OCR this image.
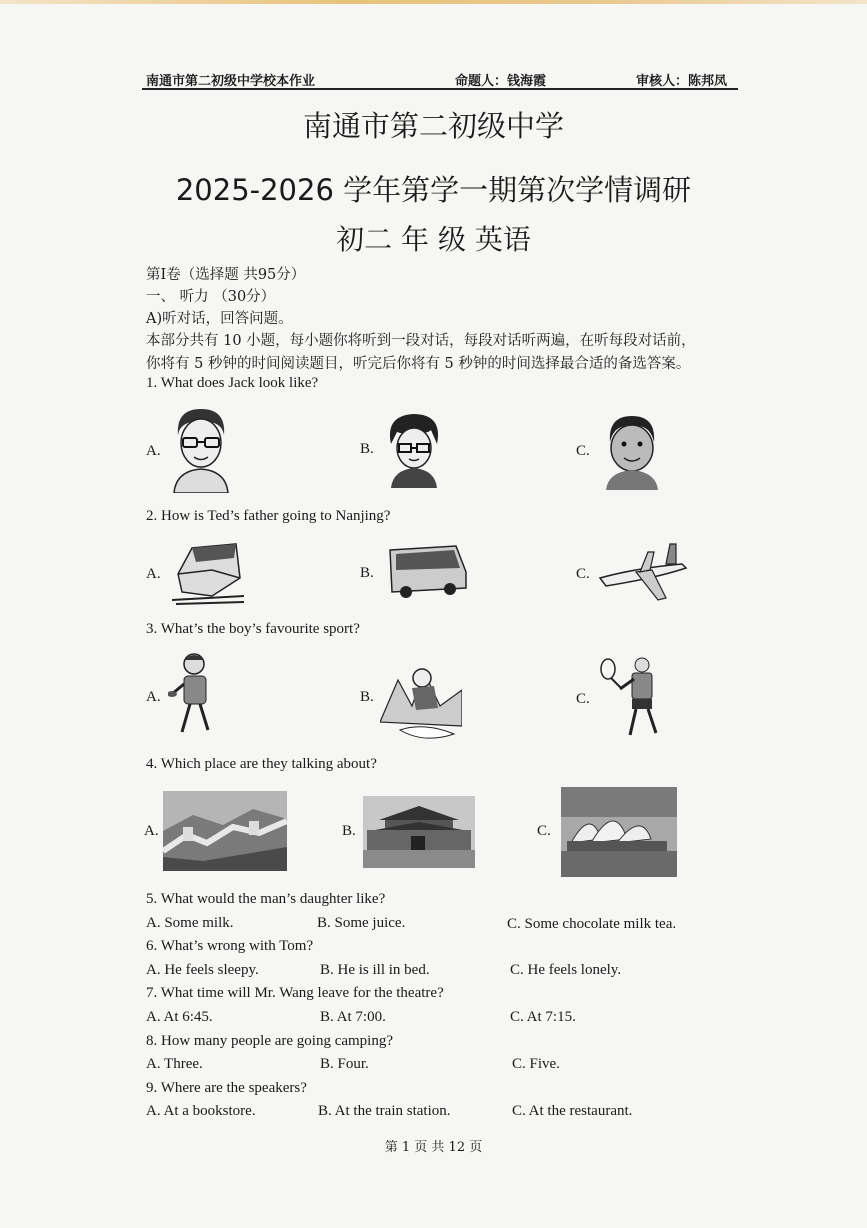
南通市第二初级中学校本作业	命题人：钱海霞	审核人：陈邦凤
南通市第二初级中学
2025-2026 学年第学一期第次学情调研
初二 年 级 英语
第Ⅰ卷（选择题 共95分）
一、 听力 （30分）
A)听对话，回答问题。
本部分共有 10 小题，每小题你将听到一段对话，每段对话听两遍，在听每段对话前，
你将有 5 秒钟的时间阅读题目，听完后你将有 5 秒钟的时间选择最合适的备选答案。
1. What does Jack look like?
A.	B.	C.
2. How is Ted’s father going to Nanjing?
A.	B.	C.
3. What’s the boy’s favourite sport?
A.	B.	C.
4. Which place are they talking about?
A.	B.	C.
5. What would the man’s daughter like?
A. Some milk.	B. Some juice.	C. Some chocolate milk tea.
6. What’s wrong with Tom?
A. He feels sleepy.	B. He is ill in bed.	C. He feels lonely.
7. What time will Mr. Wang leave for the theatre?
A. At 6:45.	B. At 7:00.	C. At 7:15.
8. How many people are going camping?
A. Three.	B. Four.	C. Five.
9. Where are the speakers?
A. At a bookstore.	B. At the train station.	C. At the restaurant.
第 1 页 共 12 页
